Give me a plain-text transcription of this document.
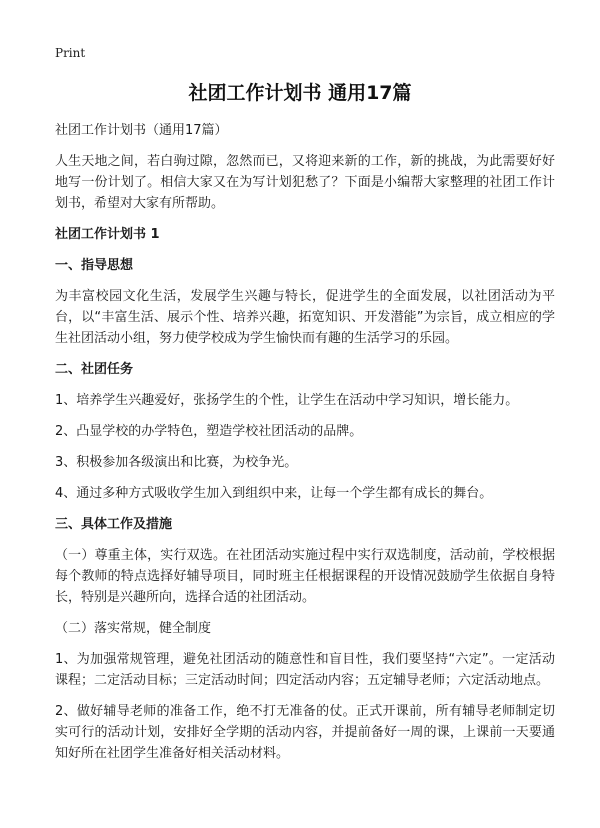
Print
社团工作计划书 通用17篇

社团工作计划书（通用17篇）

人生天地之间，若白驹过隙，忽然而已，又将迎来新的工作，新的挑战，为此需要好好地写一份计划了。相信大家又在为写计划犯愁了？下面是小编帮大家整理的社团工作计划书，希望对大家有所帮助。

社团工作计划书 1
一、指导思想

为丰富校园文化生活，发展学生兴趣与特长，促进学生的全面发展，以社团活动为平台，以“丰富生活、展示个性、培养兴趣，拓宽知识、开发潜能”为宗旨，成立相应的学生社团活动小组，努力使学校成为学生愉快而有趣的生活学习的乐园。

二、社团任务

1、培养学生兴趣爱好，张扬学生的个性，让学生在活动中学习知识，增长能力。

2、凸显学校的办学特色，塑造学校社团活动的品牌。

3、积极参加各级演出和比赛，为校争光。

4、通过多种方式吸收学生加入到组织中来，让每一个学生都有成长的舞台。

三、具体工作及措施

（一）尊重主体，实行双选。在社团活动实施过程中实行双选制度，活动前，学校根据每个教师的特点选择好辅导项目，同时班主任根据课程的开设情况鼓励学生依据自身特长，特别是兴趣所向，选择合适的社团活动。

（二）落实常规，健全制度

1、为加强常规管理，避免社团活动的随意性和盲目性，我们要坚持“六定”。一定活动课程；二定活动目标；三定活动时间；四定活动内容；五定辅导老师；六定活动地点。

2、做好辅导老师的准备工作，绝不打无准备的仗。正式开课前，所有辅导老师制定切实可行的活动计划，安排好全学期的活动内容，并提前备好一周的课，上课前一天要通知好所在社团学生准备好相关活动材料。
